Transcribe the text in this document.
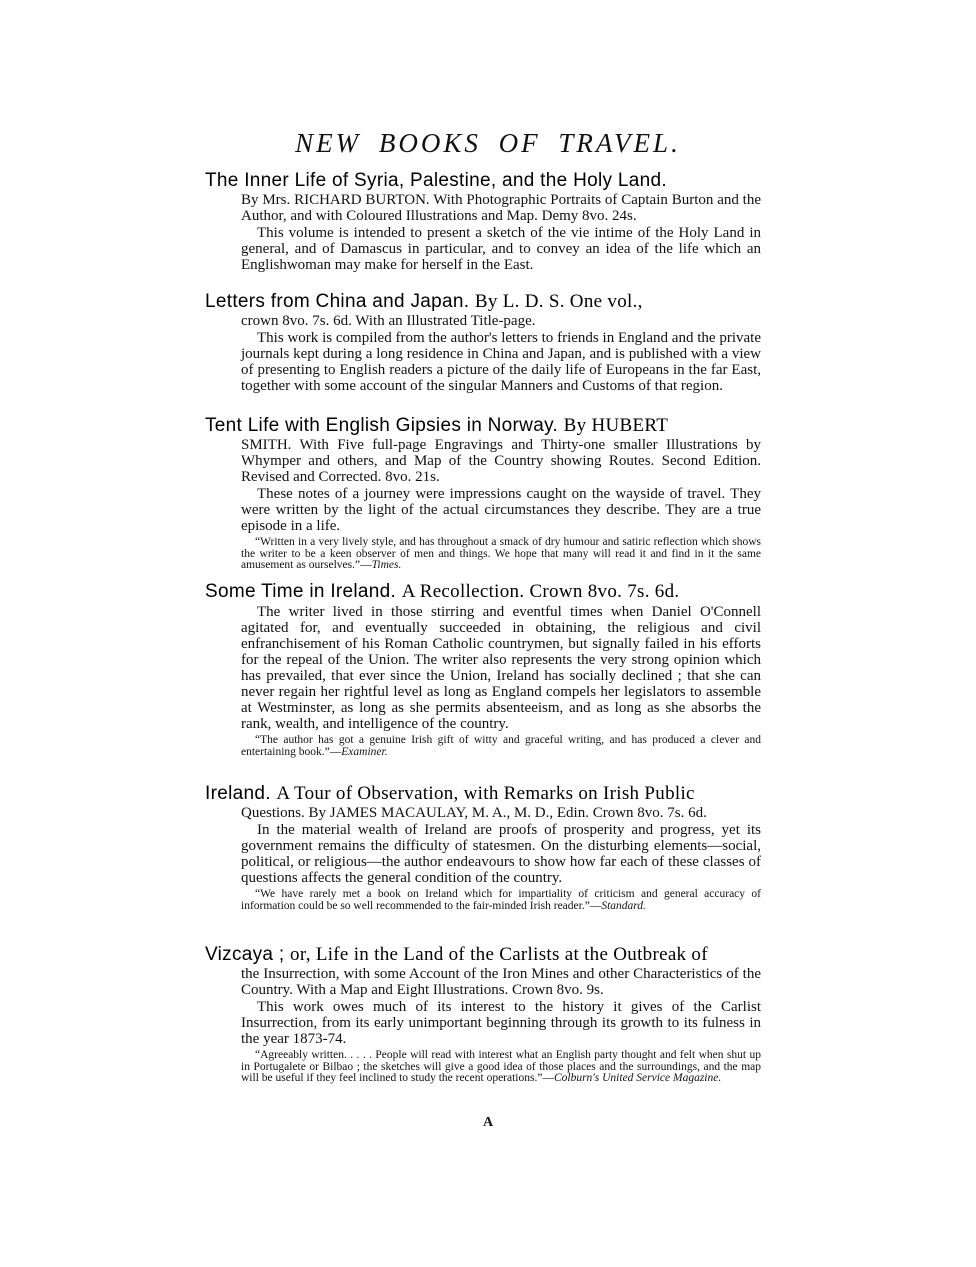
NEW BOOKS OF TRAVEL.
The Inner Life of Syria, Palestine, and the Holy Land.
By Mrs. RICHARD BURTON. With Photographic Portraits of Captain Burton and the Author, and with Coloured Illustrations and Map. Demy 8vo. 24s.
This volume is intended to present a sketch of the vie intime of the Holy Land in general, and of Damascus in particular, and to convey an idea of the life which an Englishwoman may make for herself in the East.
Letters from China and Japan. By L. D. S. One vol.,
crown 8vo. 7s. 6d. With an Illustrated Title-page.
This work is compiled from the author's letters to friends in England and the private journals kept during a long residence in China and Japan, and is published with a view of presenting to English readers a picture of the daily life of Europeans in the far East, together with some account of the singular Manners and Customs of that region.
Tent Life with English Gipsies in Norway. By HUBERT
SMITH. With Five full-page Engravings and Thirty-one smaller Illustrations by Whymper and others, and Map of the Country showing Routes. Second Edition. Revised and Corrected. 8vo. 21s.
These notes of a journey were impressions caught on the wayside of travel. They were written by the light of the actual circumstances they describe. They are a true episode in a life.
“Written in a very lively style, and has throughout a smack of dry humour and satiric reflection which shows the writer to be a keen observer of men and things. We hope that many will read it and find in it the same amusement as ourselves.”—Times.
Some Time in Ireland. A Recollection. Crown 8vo. 7s. 6d.
The writer lived in those stirring and eventful times when Daniel O'Connell agitated for, and eventually succeeded in obtaining, the religious and civil enfranchisement of his Roman Catholic countrymen, but signally failed in his efforts for the repeal of the Union. The writer also represents the very strong opinion which has prevailed, that ever since the Union, Ireland has socially declined ; that she can never regain her rightful level as long as England compels her legislators to assemble at Westminster, as long as she permits absenteeism, and as long as she absorbs the rank, wealth, and intelligence of the country.
“The author has got a genuine Irish gift of witty and graceful writing, and has produced a clever and entertaining book.”—Examiner.
Ireland. A Tour of Observation, with Remarks on Irish Public
Questions. By JAMES MACAULAY, M. A., M. D., Edin. Crown 8vo. 7s. 6d.
In the material wealth of Ireland are proofs of prosperity and progress, yet its government remains the difficulty of statesmen. On the disturbing elements—social, political, or religious—the author endeavours to show how far each of these classes of questions affects the general condition of the country.
“We have rarely met a book on Ireland which for impartiality of criticism and general accuracy of information could be so well recommended to the fair-minded Irish reader.”—Standard.
Vizcaya ; or, Life in the Land of the Carlists at the Outbreak of
the Insurrection, with some Account of the Iron Mines and other Characteristics of the Country. With a Map and Eight Illustrations. Crown 8vo. 9s.
This work owes much of its interest to the history it gives of the Carlist Insurrection, from its early unimportant beginning through its growth to its fulness in the year 1873-74.
“Agreeably written. . . . . People will read with interest what an English party thought and felt when shut up in Portugalete or Bilbao ; the sketches will give a good idea of those places and the surroundings, and the map will be useful if they feel inclined to study the recent operations.”—Colburn's United Service Magazine.
A
